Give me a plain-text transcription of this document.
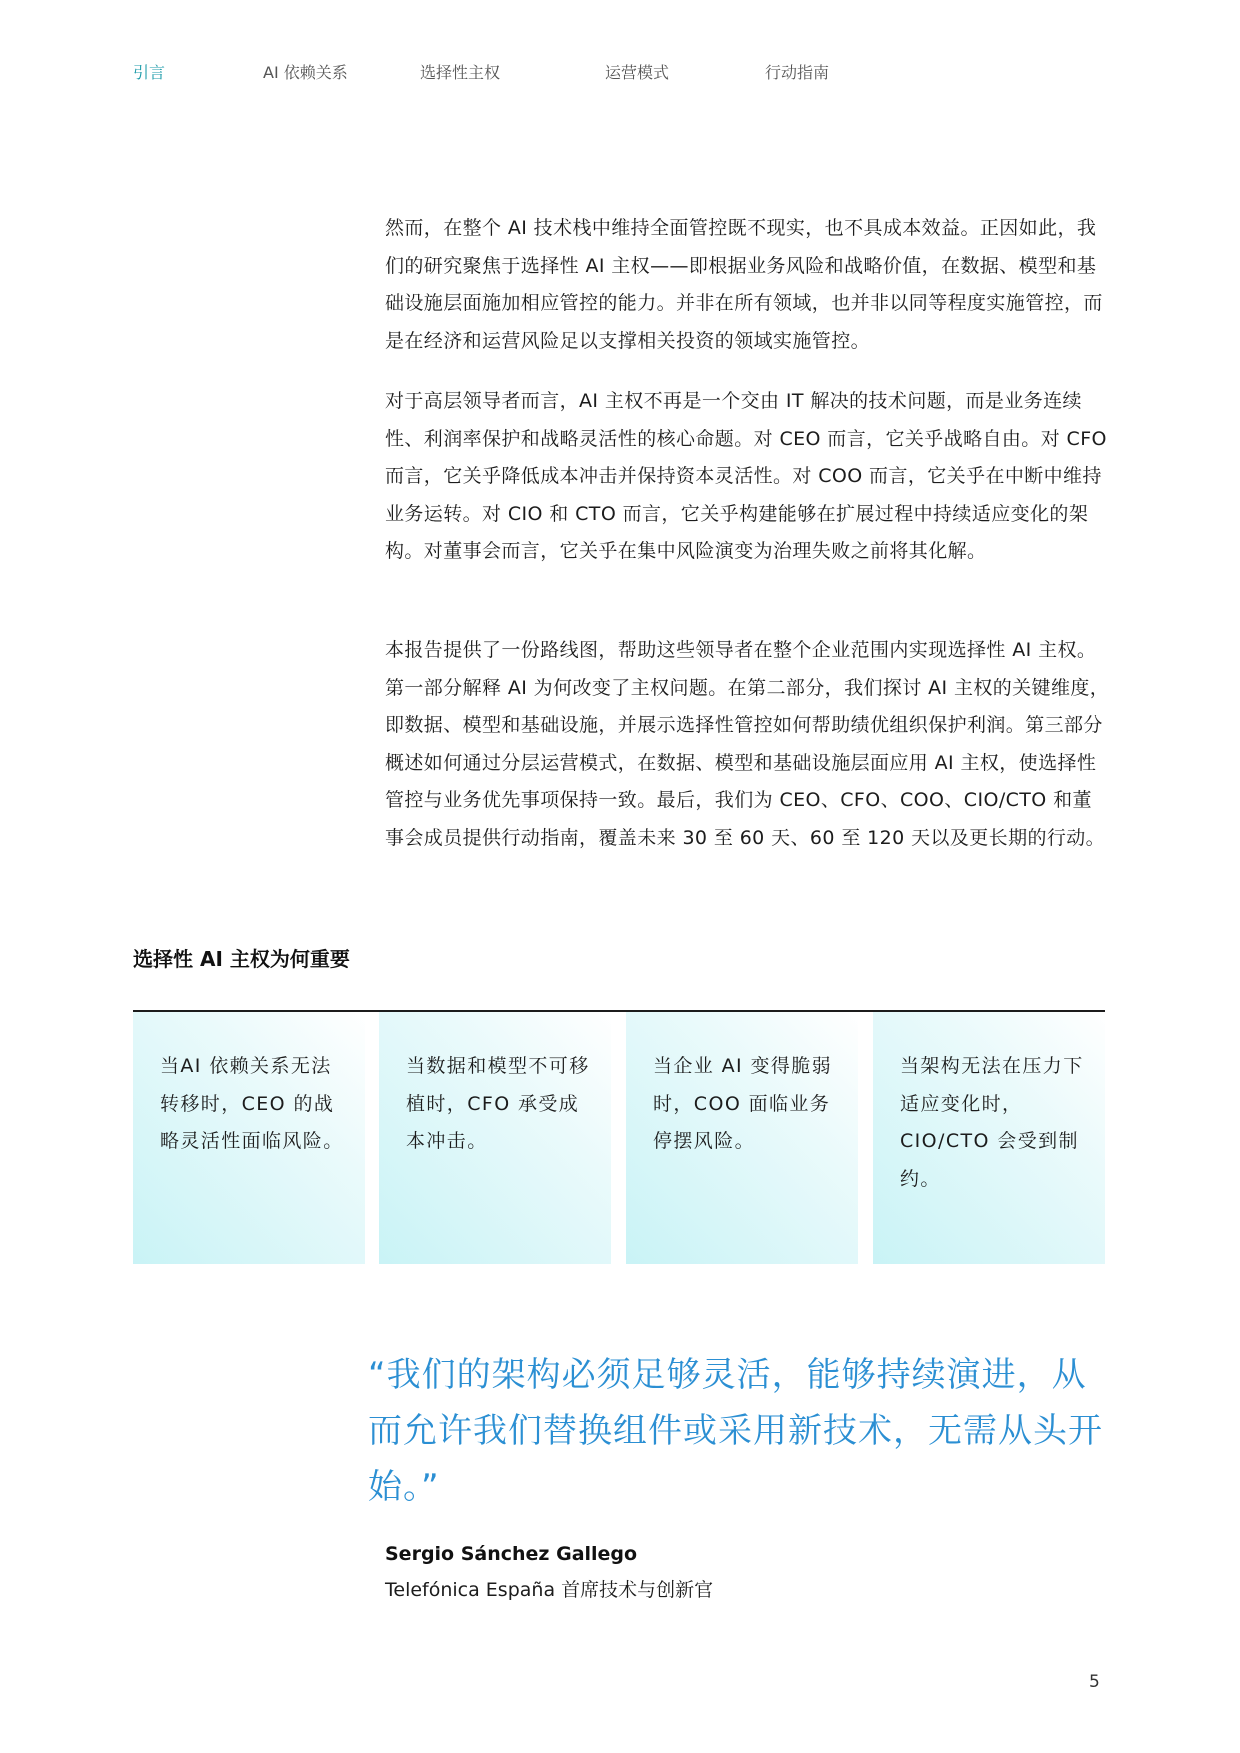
引言	AI 依赖关系	选择性主权	运营模式	行动指南

然而，在整个 AI 技术栈中维持全面管控既不现实，也不具成本效益。正因如此，我们的研究聚焦于选择性 AI 主权——即根据业务风险和战略价值，在数据、模型和基础设施层面施加相应管控的能力。并非在所有领域，也并非以同等程度实施管控，而是在经济和运营风险足以支撑相关投资的领域实施管控。

对于高层领导者而言，AI 主权不再是一个交由 IT 解决的技术问题，而是业务连续性、利润率保护和战略灵活性的核心命题。对 CEO 而言，它关乎战略自由。对 CFO 而言，它关乎降低成本冲击并保持资本灵活性。对 COO 而言，它关乎在中断中维持业务运转。对 CIO 和 CTO 而言，它关乎构建能够在扩展过程中持续适应变化的架构。对董事会而言，它关乎在集中风险演变为治理失败之前将其化解。

本报告提供了一份路线图，帮助这些领导者在整个企业范围内实现选择性 AI 主权。第一部分解释 AI 为何改变了主权问题。在第二部分，我们探讨 AI 主权的关键维度，即数据、模型和基础设施，并展示选择性管控如何帮助绩优组织保护利润。第三部分概述如何通过分层运营模式，在数据、模型和基础设施层面应用 AI 主权，使选择性管控与业务优先事项保持一致。最后，我们为 CEO、CFO、COO、CIO/CTO 和董事会成员提供行动指南，覆盖未来 30 至 60 天、60 至 120 天以及更长期的行动。

选择性 AI 主权为何重要

当AI 依赖关系无法转移时，CEO 的战略灵活性面临风险。

当数据和模型不可移植时，CFO 承受成本冲击。

当企业 AI 变得脆弱时，COO 面临业务停摆风险。

当架构无法在压力下适应变化时，CIO/CTO 会受到制约。

“我们的架构必须足够灵活，能够持续演进，从而允许我们替换组件或采用新技术，无需从头开始。”

Sergio Sánchez Gallego

Telefónica España 首席技术与创新官

5
